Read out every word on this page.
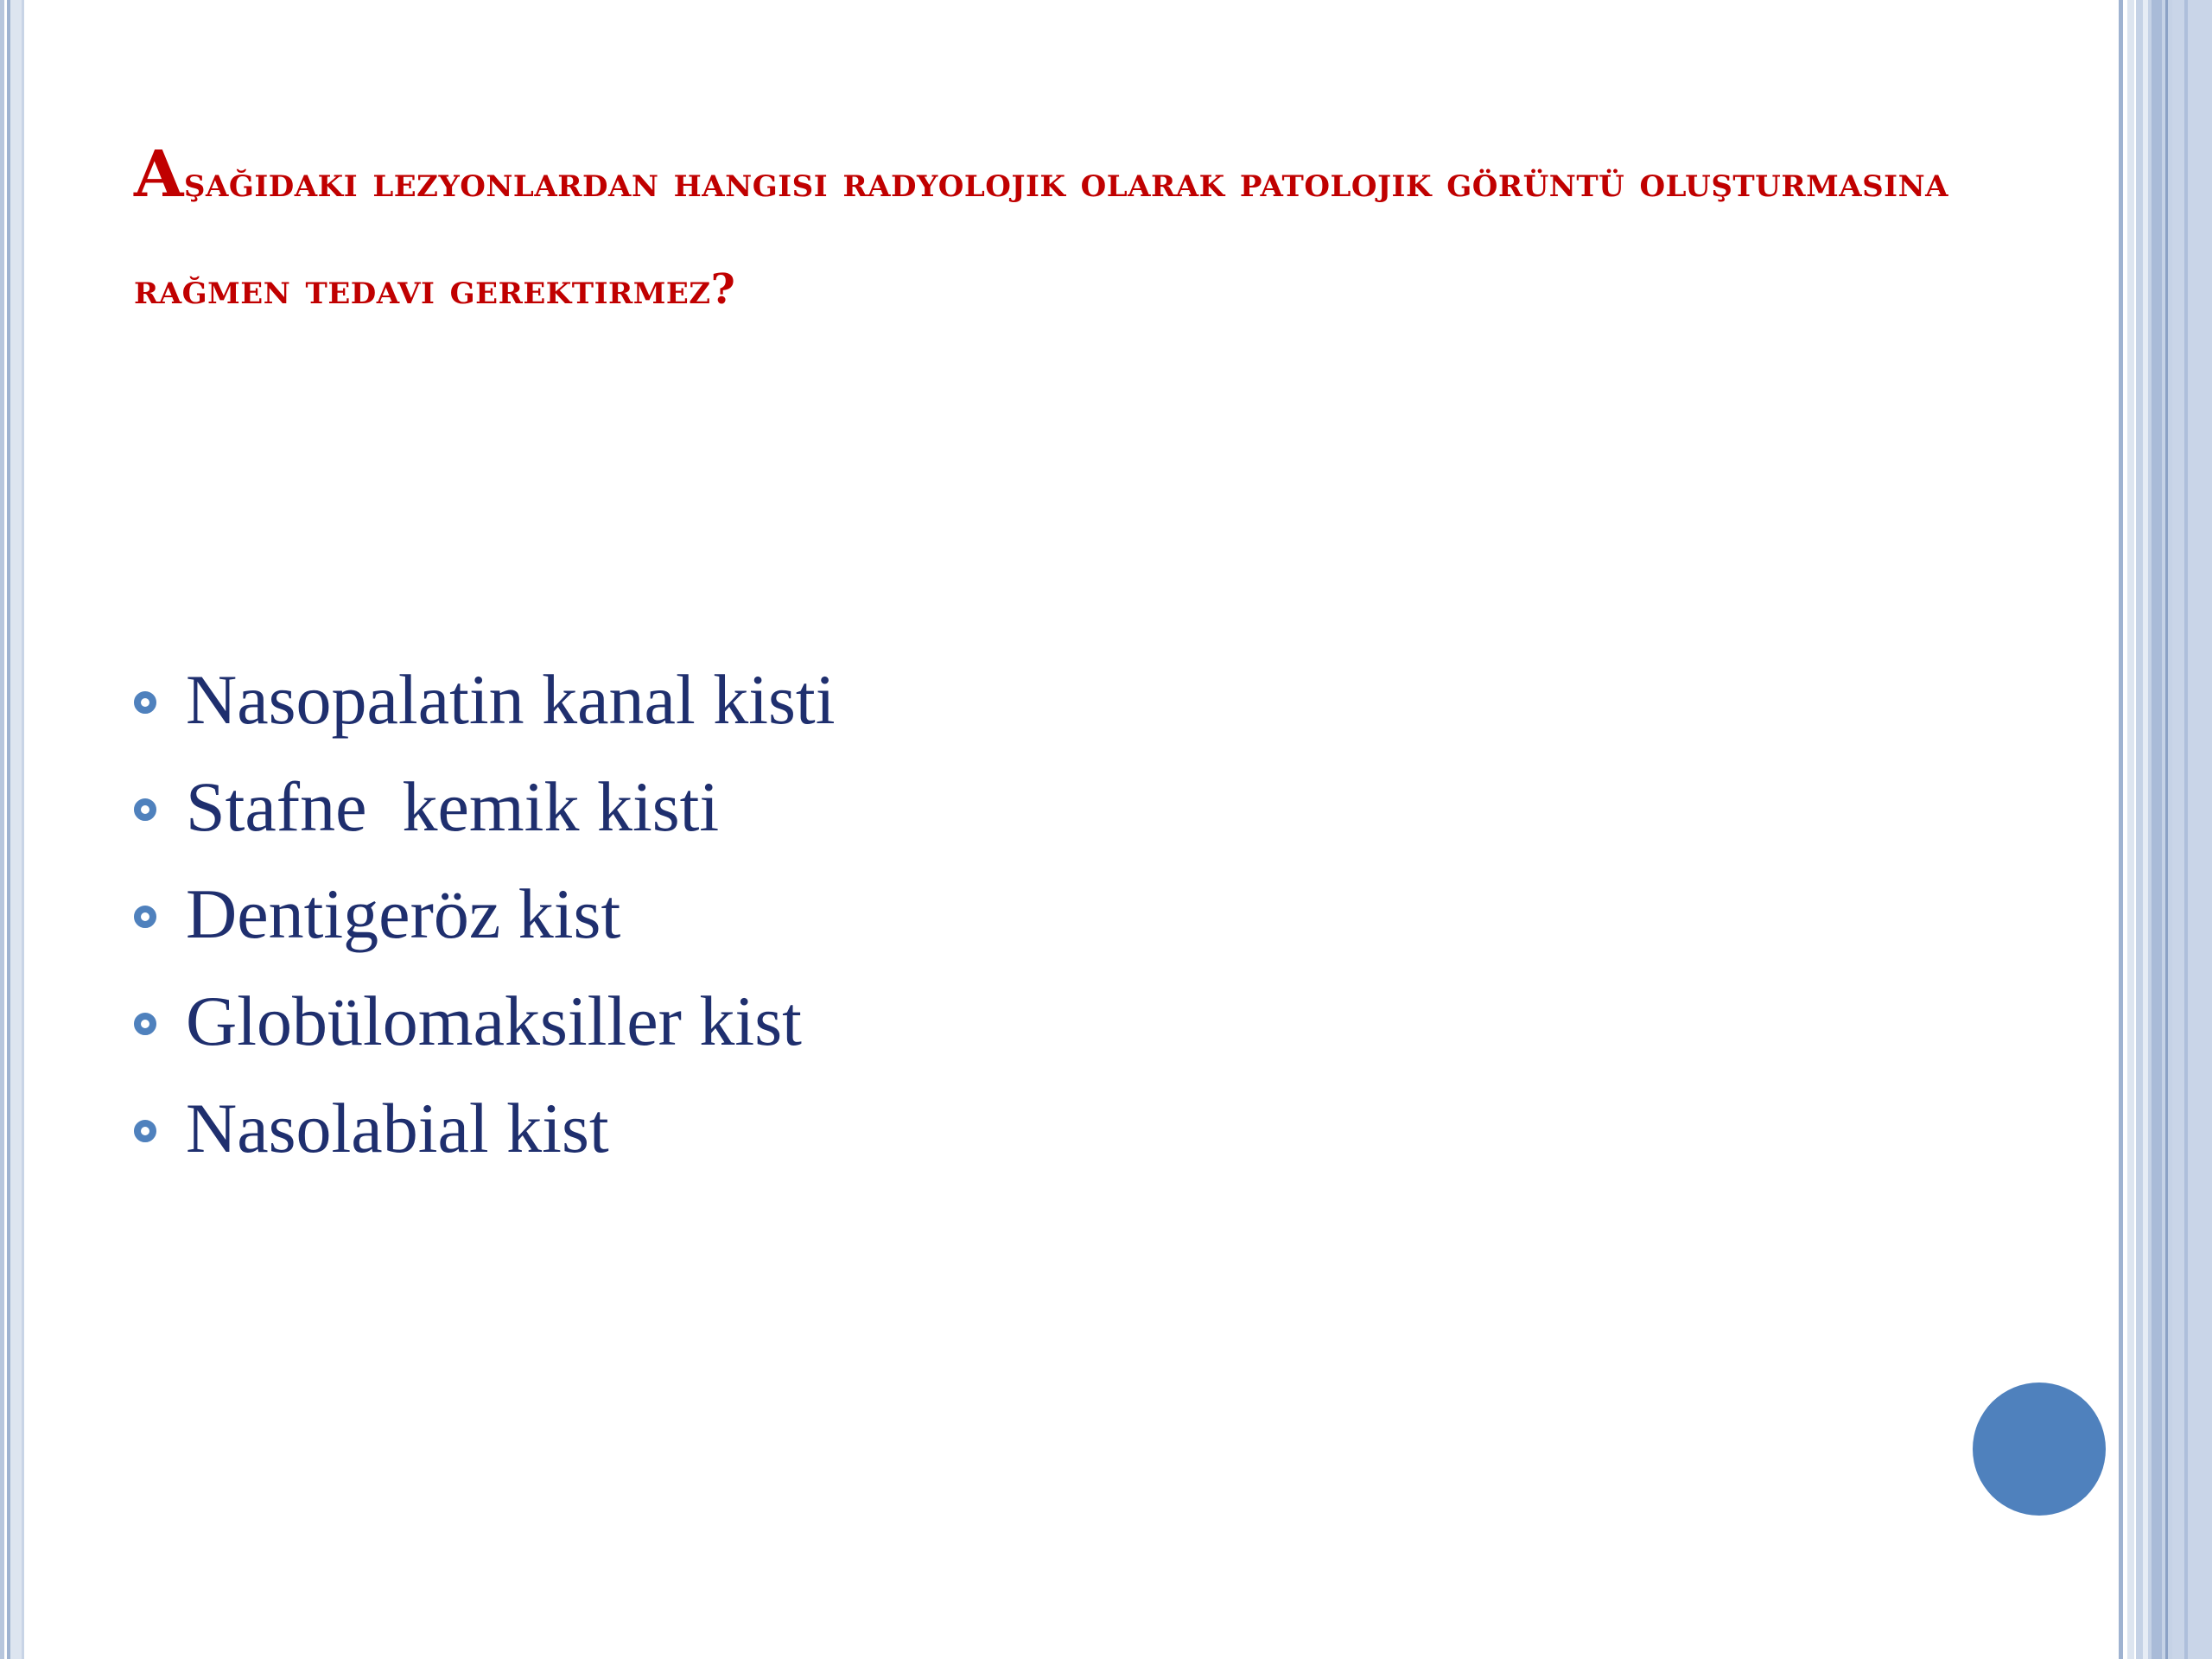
Aşağıdaki lezyonlardan hangisi radyolojik olarak patolojik görüntü oluşturmasına rağmen tedavi gerektirmez?
Nasopalatin kanal kisti
Stafne  kemik kisti
Dentigeröz kist
Globülomaksiller kist
Nasolabial kist
